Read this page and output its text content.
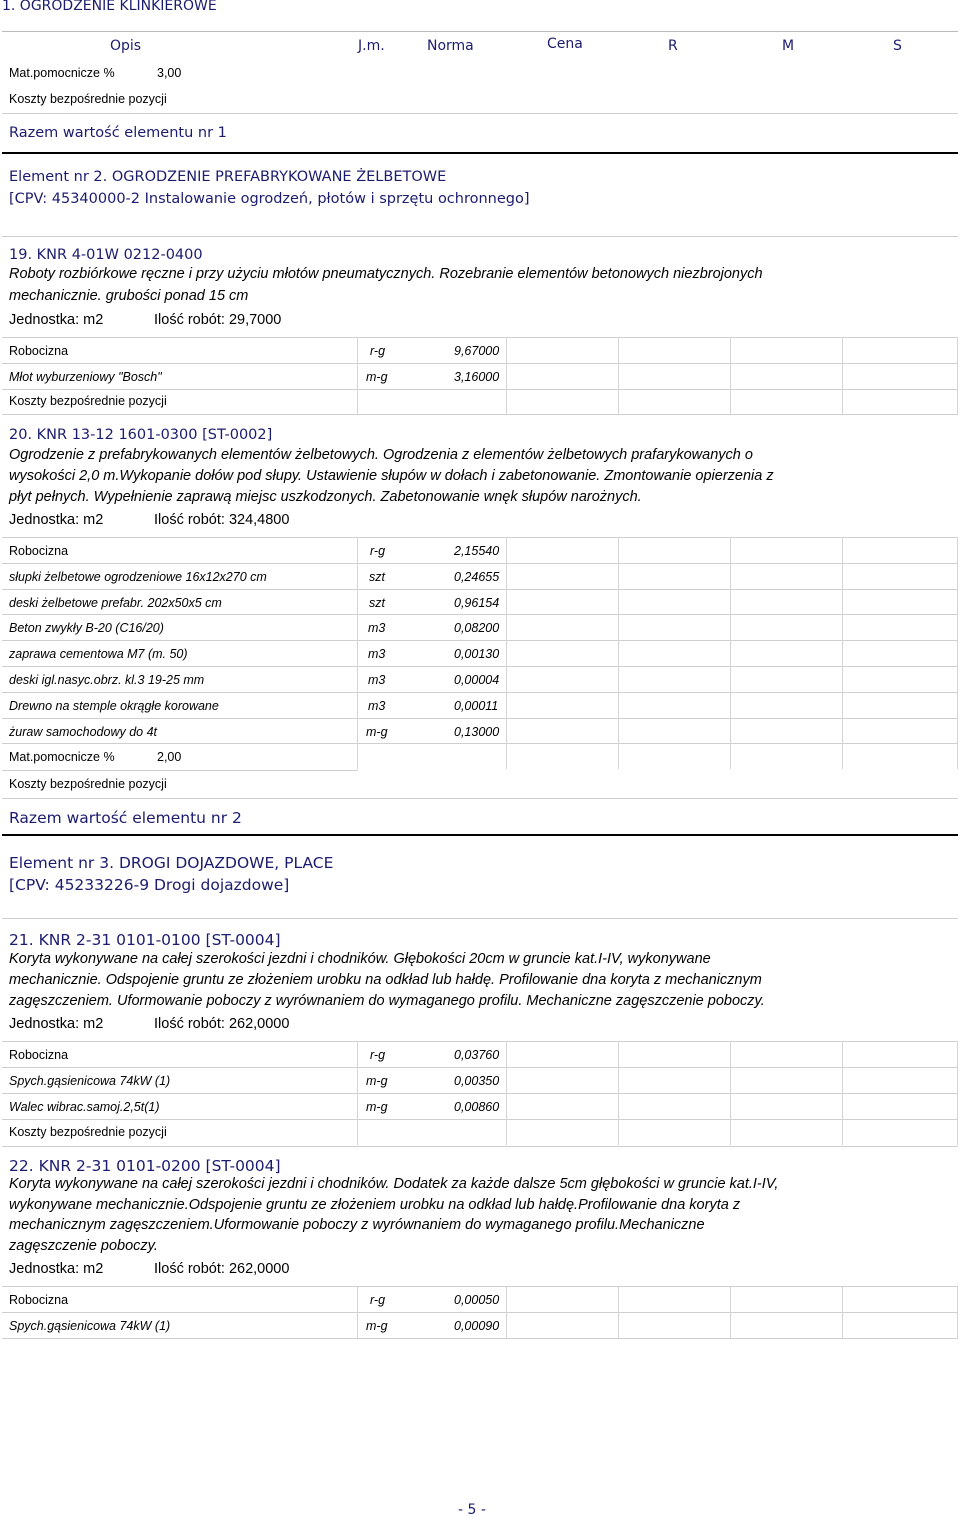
1. OGRODZENIE KLINKIEROWE
Opis	J.m.	Norma	Cena	R	M	S
Mat.pomocnicze %	3,00
Koszty bezpośrednie pozycji
Razem wartość elementu nr 1
Element nr 2. OGRODZENIE PREFABRYKOWANE ŻELBETOWE
[CPV: 45340000-2 Instalowanie ogrodzeń, płotów i sprzętu ochronnego]
19. KNR 4-01W 0212-0400
Roboty rozbiórkowe ręczne i przy użyciu młotów pneumatycznych. Rozebranie elementów betonowych niezbrojonych
mechanicznie. grubości ponad 15 cm
Jednostka: m2	Ilość robót: 29,7000
Robocizna	r-g	9,67000
Młot wyburzeniowy "Bosch"	m-g	3,16000
Koszty bezpośrednie pozycji
20. KNR 13-12 1601-0300 [ST-0002]
Ogrodzenie z prefabrykowanych elementów żelbetowych. Ogrodzenia z elementów żelbetowych prafarykowanych o
wysokości 2,0 m.Wykopanie dołów pod słupy. Ustawienie słupów w dołach i zabetonowanie. Zmontowanie opierzenia z
płyt pełnych. Wypełnienie zaprawą miejsc uszkodzonych. Zabetonowanie wnęk słupów narożnych.
Jednostka: m2	Ilość robót: 324,4800
Robocizna	r-g	2,15540
słupki żelbetowe ogrodzeniowe 16x12x270 cm	szt	0,24655
deski żelbetowe prefabr. 202x50x5 cm	szt	0,96154
Beton zwykły B-20 (C16/20)	m3	0,08200
zaprawa cementowa M7 (m. 50)	m3	0,00130
deski igl.nasyc.obrz. kl.3 19-25 mm	m3	0,00004
Drewno na stemple okrągłe korowane	m3	0,00011
żuraw samochodowy do 4t	m-g	0,13000
Mat.pomocnicze %	2,00
Koszty bezpośrednie pozycji
Razem wartość elementu nr 2
Element nr 3. DROGI DOJAZDOWE, PLACE
[CPV: 45233226-9 Drogi dojazdowe]
21. KNR 2-31 0101-0100 [ST-0004]
Koryta wykonywane na całej szerokości jezdni i chodników. Głębokości 20cm w gruncie kat.I-IV, wykonywane
mechanicznie. Odspojenie gruntu ze złożeniem urobku na odkład lub hałdę. Profilowanie dna koryta z mechanicznym
zagęszczeniem. Uformowanie poboczy z wyrównaniem do wymaganego profilu. Mechaniczne zagęszczenie poboczy.
Jednostka: m2	Ilość robót: 262,0000
Robocizna	r-g	0,03760
Spych.gąsienicowa 74kW (1)	m-g	0,00350
Walec wibrac.samoj.2,5t(1)	m-g	0,00860
Koszty bezpośrednie pozycji
22. KNR 2-31 0101-0200 [ST-0004]
Koryta wykonywane na całej szerokości jezdni i chodników. Dodatek za każde dalsze 5cm głębokości w gruncie kat.I-IV,
wykonywane mechanicznie.Odspojenie gruntu ze złożeniem urobku na odkład lub hałdę.Profilowanie dna koryta z
mechanicznym zagęszczeniem.Uformowanie poboczy z wyrównaniem do wymaganego profilu.Mechaniczne
zagęszczenie poboczy.
Jednostka: m2	Ilość robót: 262,0000
Robocizna	r-g	0,00050
Spych.gąsienicowa 74kW (1)	m-g	0,00090
- 5 -
